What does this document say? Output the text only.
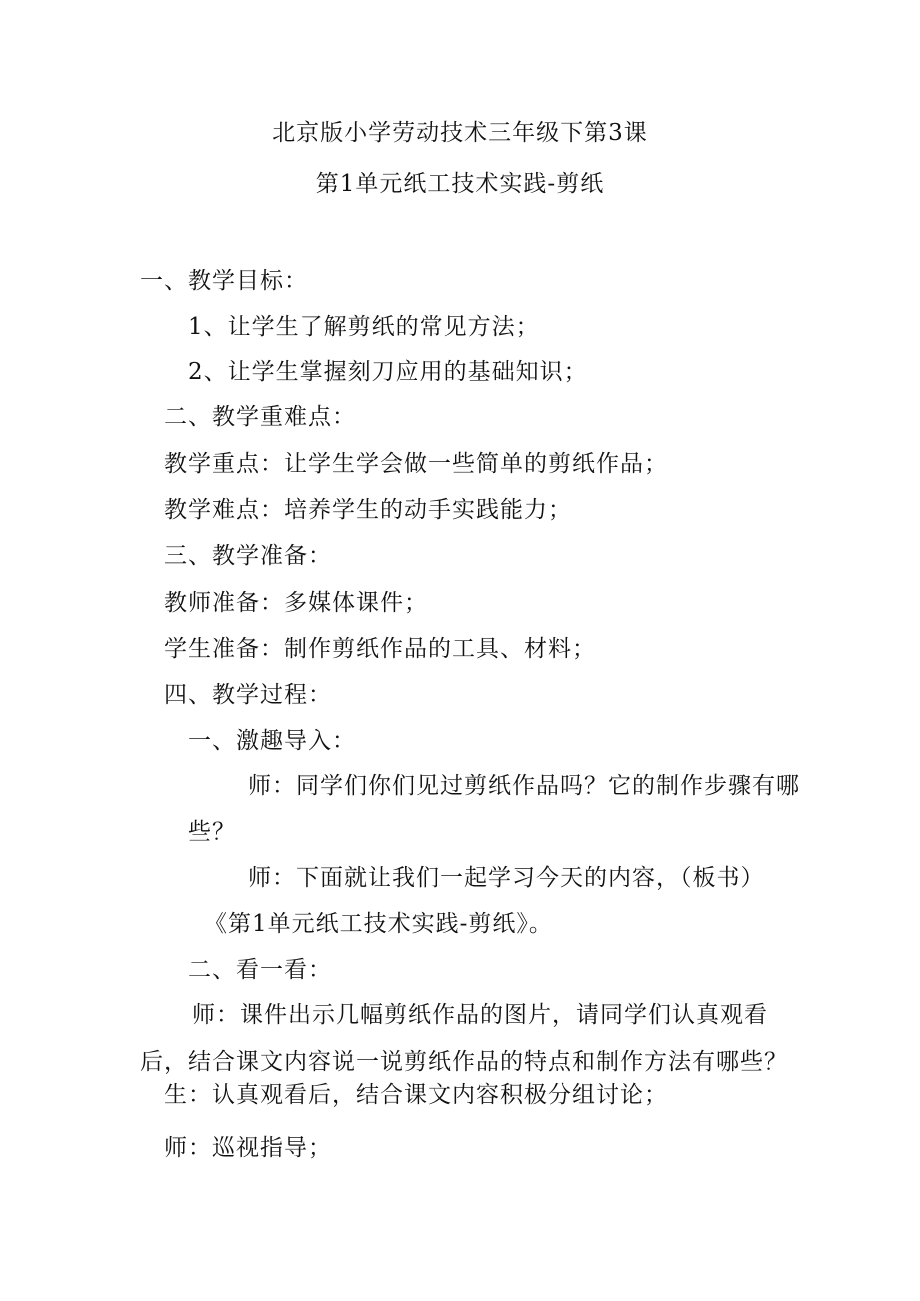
北京版小学劳动技术三年级下第3课
第1单元纸工技术实践-剪纸
一、教学目标：
1、让学生了解剪纸的常见方法；
2、让学生掌握刻刀应用的基础知识；
二、教学重难点：
教学重点：让学生学会做一些简单的剪纸作品；
教学难点：培养学生的动手实践能力；
三、教学准备：
教师准备：多媒体课件；
学生准备：制作剪纸作品的工具、材料；
四、教学过程：
一、激趣导入：
师：同学们你们见过剪纸作品吗？它的制作步骤有哪
些？
师：下面就让我们一起学习今天的内容，（板书）
《第1单元纸工技术实践-剪纸》。
二、看一看：
师：课件出示几幅剪纸作品的图片，请同学们认真观看
后，结合课文内容说一说剪纸作品的特点和制作方法有哪些？
生：认真观看后，结合课文内容积极分组讨论；
师：巡视指导；
